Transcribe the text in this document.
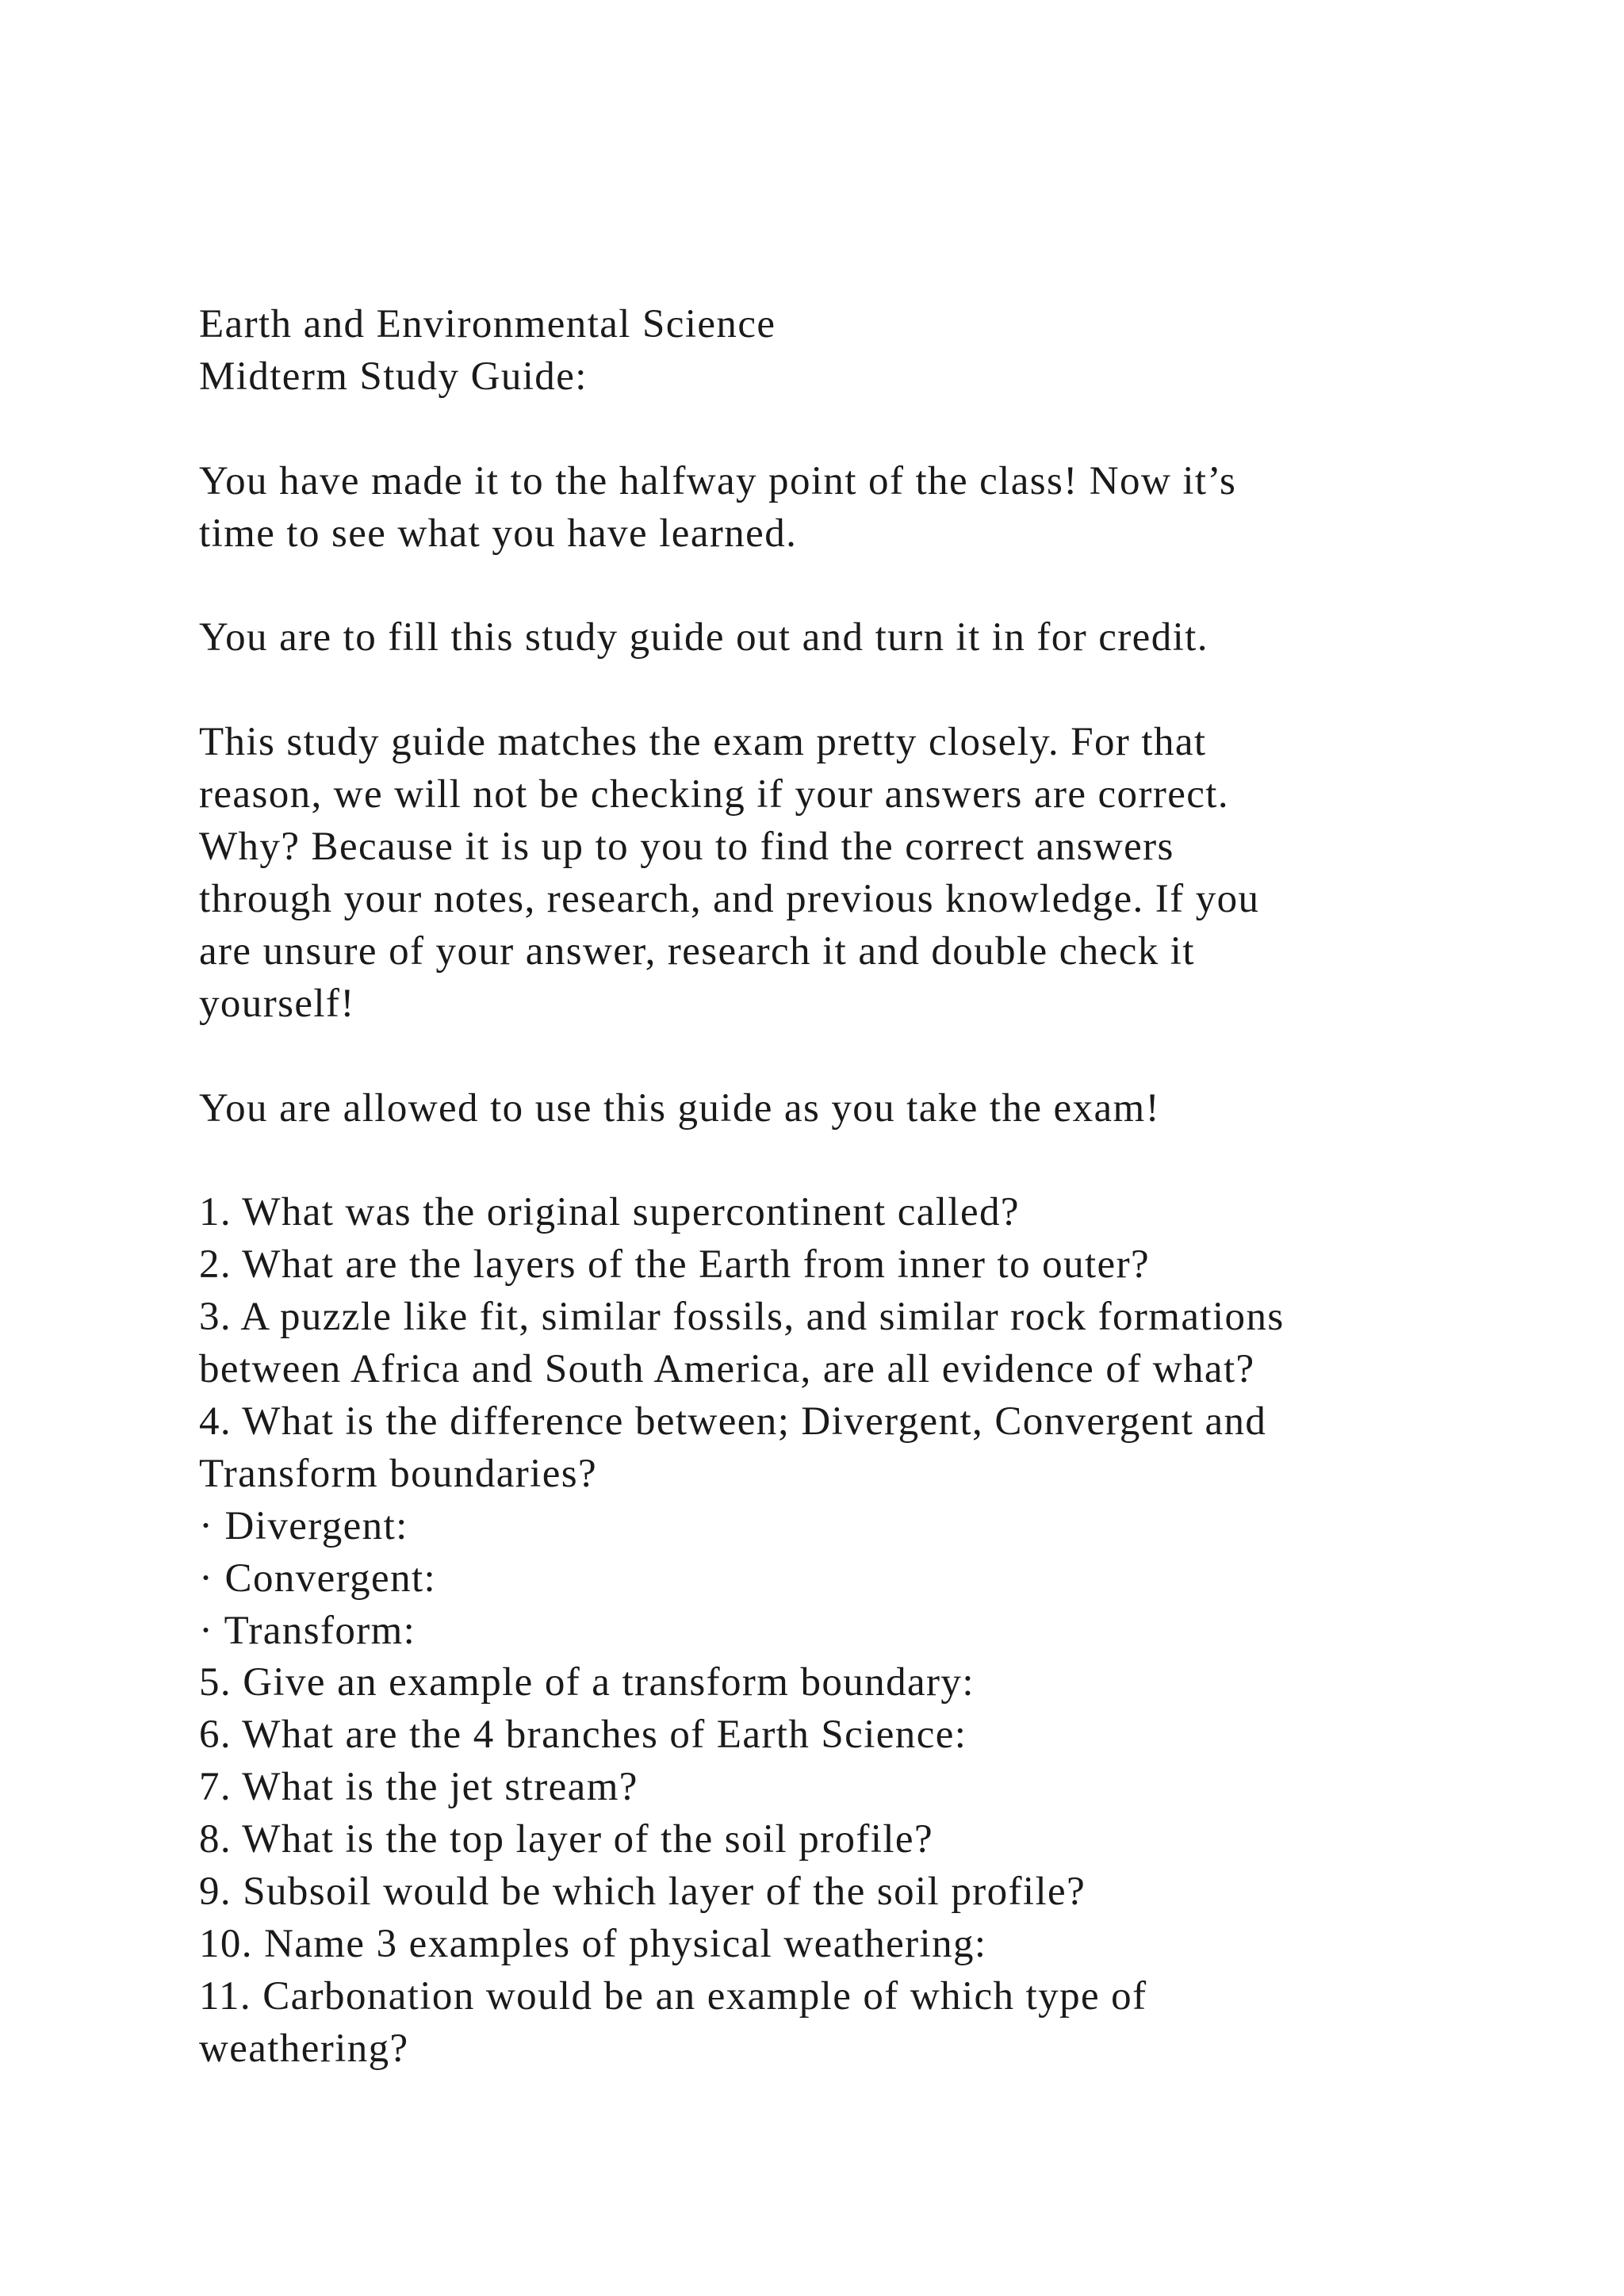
Earth and Environmental Science

Midterm Study Guide:

You have made it to the halfway point of the class! Now it’s

time to see what you have learned.

You are to fill this study guide out and turn it in for credit.

This study guide matches the exam pretty closely. For that

reason, we will not be checking if your answers are correct.

Why? Because it is up to you to find the correct answers

through your notes, research, and previous knowledge. If you

are unsure of your answer, research it and double check it

yourself!

You are allowed to use this guide as you take the exam!

1. What was the original supercontinent called?

2. What are the layers of the Earth from inner to outer?

3. A puzzle like fit, similar fossils, and similar rock formations

between Africa and South America, are all evidence of what?

4. What is the difference between; Divergent, Convergent and

Transform boundaries?

· Divergent:

· Convergent:

· Transform:

5. Give an example of a transform boundary:

6. What are the 4 branches of Earth Science:

7. What is the jet stream?

8. What is the top layer of the soil profile?

9. Subsoil would be which layer of the soil profile?

10. Name 3 examples of physical weathering:

11. Carbonation would be an example of which type of

weathering?
